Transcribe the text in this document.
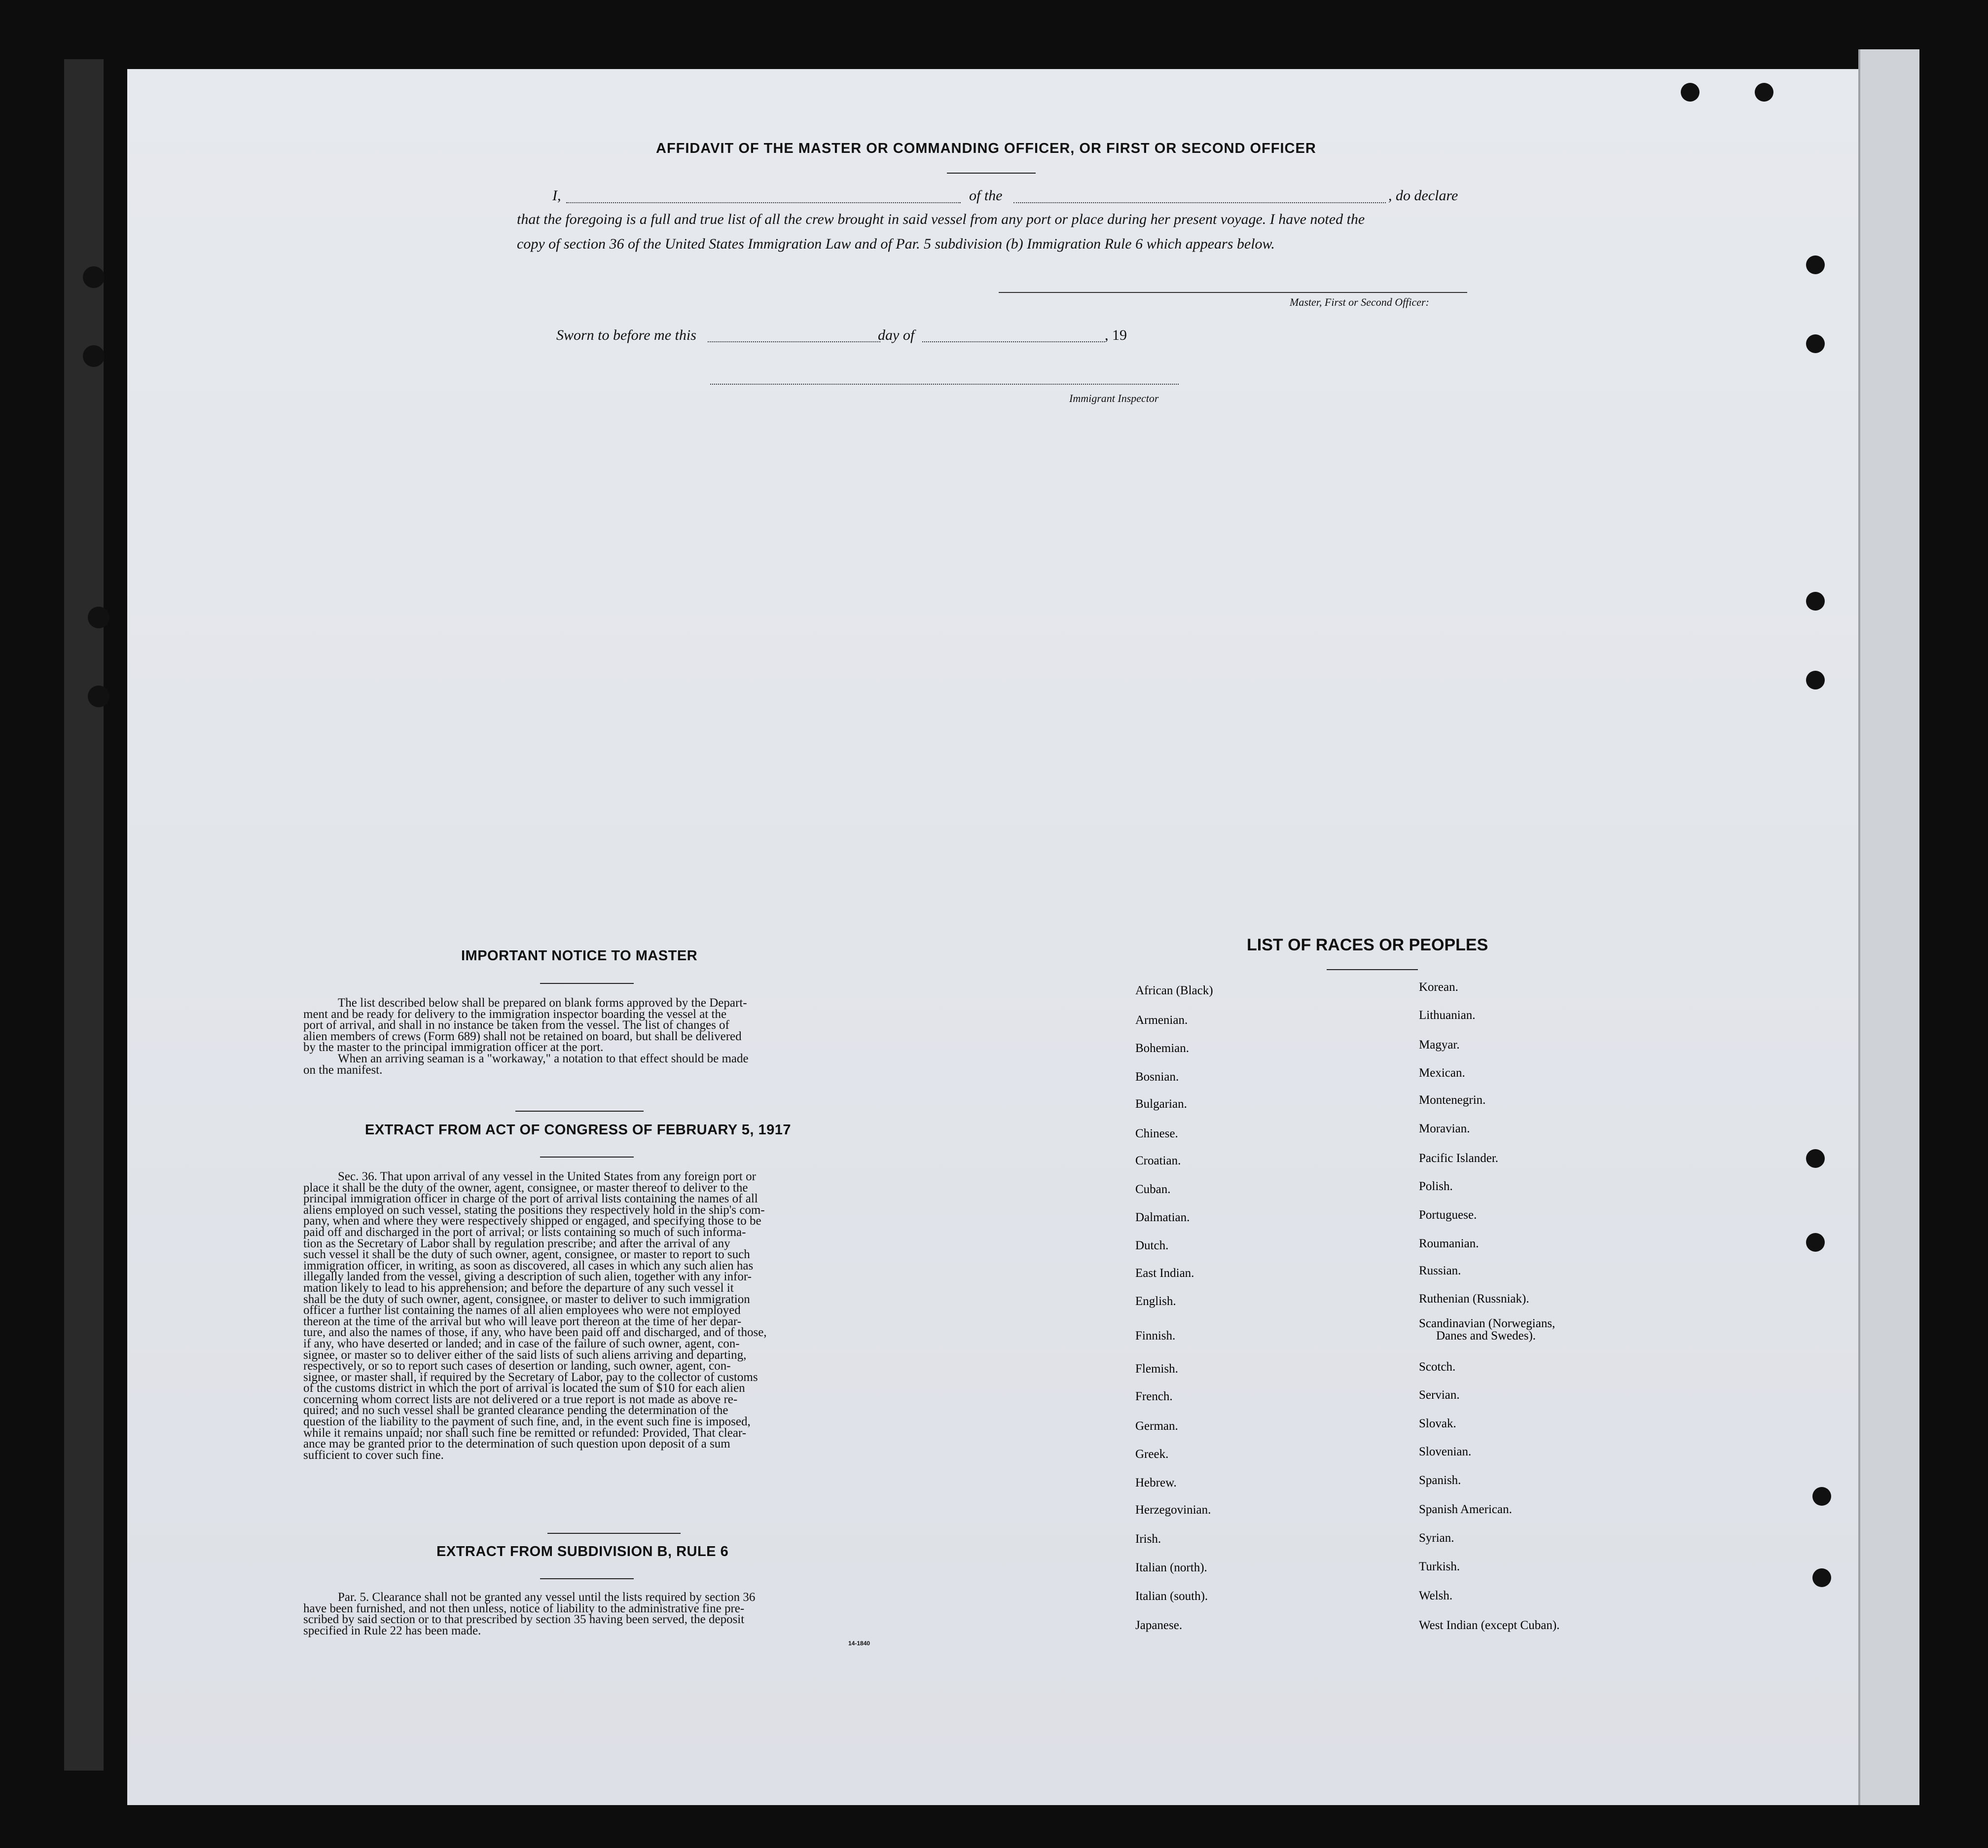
AFFIDAVIT OF THE MASTER OR COMMANDING OFFICER, OR FIRST OR SECOND OFFICER
I,	of the	, do declare
that the foregoing is a full and true list of all the crew brought in said vessel from any port or place during her present voyage. I have noted the
copy of section 36 of the United States Immigration Law and of Par. 5 subdivision (b) Immigration Rule 6 which appears below.
Master, First or Second Officer:
Sworn to before me this	day of	, 19
Immigrant Inspector
IMPORTANT NOTICE TO MASTER
The list described below shall be prepared on blank forms approved by the Depart-
ment and be ready for delivery to the immigration inspector boarding the vessel at the
port of arrival, and shall in no instance be taken from the vessel. The list of changes of
alien members of crews (Form 689) shall not be retained on board, but shall be delivered
by the master to the principal immigration officer at the port.
When an arriving seaman is a "workaway," a notation to that effect should be made
on the manifest.
EXTRACT FROM ACT OF CONGRESS OF FEBRUARY 5, 1917
Sec. 36. That upon arrival of any vessel in the United States from any foreign port or
place it shall be the duty of the owner, agent, consignee, or master thereof to deliver to the
principal immigration officer in charge of the port of arrival lists containing the names of all
aliens employed on such vessel, stating the positions they respectively hold in the ship's com-
pany, when and where they were respectively shipped or engaged, and specifying those to be
paid off and discharged in the port of arrival; or lists containing so much of such informa-
tion as the Secretary of Labor shall by regulation prescribe; and after the arrival of any
such vessel it shall be the duty of such owner, agent, consignee, or master to report to such
immigration officer, in writing, as soon as discovered, all cases in which any such alien has
illegally landed from the vessel, giving a description of such alien, together with any infor-
mation likely to lead to his apprehension; and before the departure of any such vessel it
shall be the duty of such owner, agent, consignee, or master to deliver to such immigration
officer a further list containing the names of all alien employees who were not employed
thereon at the time of the arrival but who will leave port thereon at the time of her depar-
ture, and also the names of those, if any, who have been paid off and discharged, and of those,
if any, who have deserted or landed; and in case of the failure of such owner, agent, con-
signee, or master so to deliver either of the said lists of such aliens arriving and departing,
respectively, or so to report such cases of desertion or landing, such owner, agent, con-
signee, or master shall, if required by the Secretary of Labor, pay to the collector of customs
of the customs district in which the port of arrival is located the sum of $10 for each alien
concerning whom correct lists are not delivered or a true report is not made as above re-
quired; and no such vessel shall be granted clearance pending the determination of the
question of the liability to the payment of such fine, and, in the event such fine is imposed,
while it remains unpaid; nor shall such fine be remitted or refunded: Provided, That clear-
ance may be granted prior to the determination of such question upon deposit of a sum
sufficient to cover such fine.
EXTRACT FROM SUBDIVISION B, RULE 6
Par. 5. Clearance shall not be granted any vessel until the lists required by section 36
have been furnished, and not then unless, notice of liability to the administrative fine pre-
scribed by said section or to that prescribed by section 35 having been served, the deposit
specified in Rule 22 has been made.
14-1840
LIST OF RACES OR PEOPLES
African (Black)
Armenian.
Bohemian.
Bosnian.
Bulgarian.
Chinese.
Croatian.
Cuban.
Dalmatian.
Dutch.
East Indian.
English.
Finnish.
Flemish.
French.
German.
Greek.
Hebrew.
Herzegovinian.
Irish.
Italian (north).
Italian (south).
Japanese.
Korean.
Lithuanian.
Magyar.
Mexican.
Montenegrin.
Moravian.
Pacific Islander.
Polish.
Portuguese.
Roumanian.
Russian.
Ruthenian (Russniak).
Scandinavian (Norwegians,
Danes and Swedes).
Scotch.
Servian.
Slovak.
Slovenian.
Spanish.
Spanish American.
Syrian.
Turkish.
Welsh.
West Indian (except Cuban).
